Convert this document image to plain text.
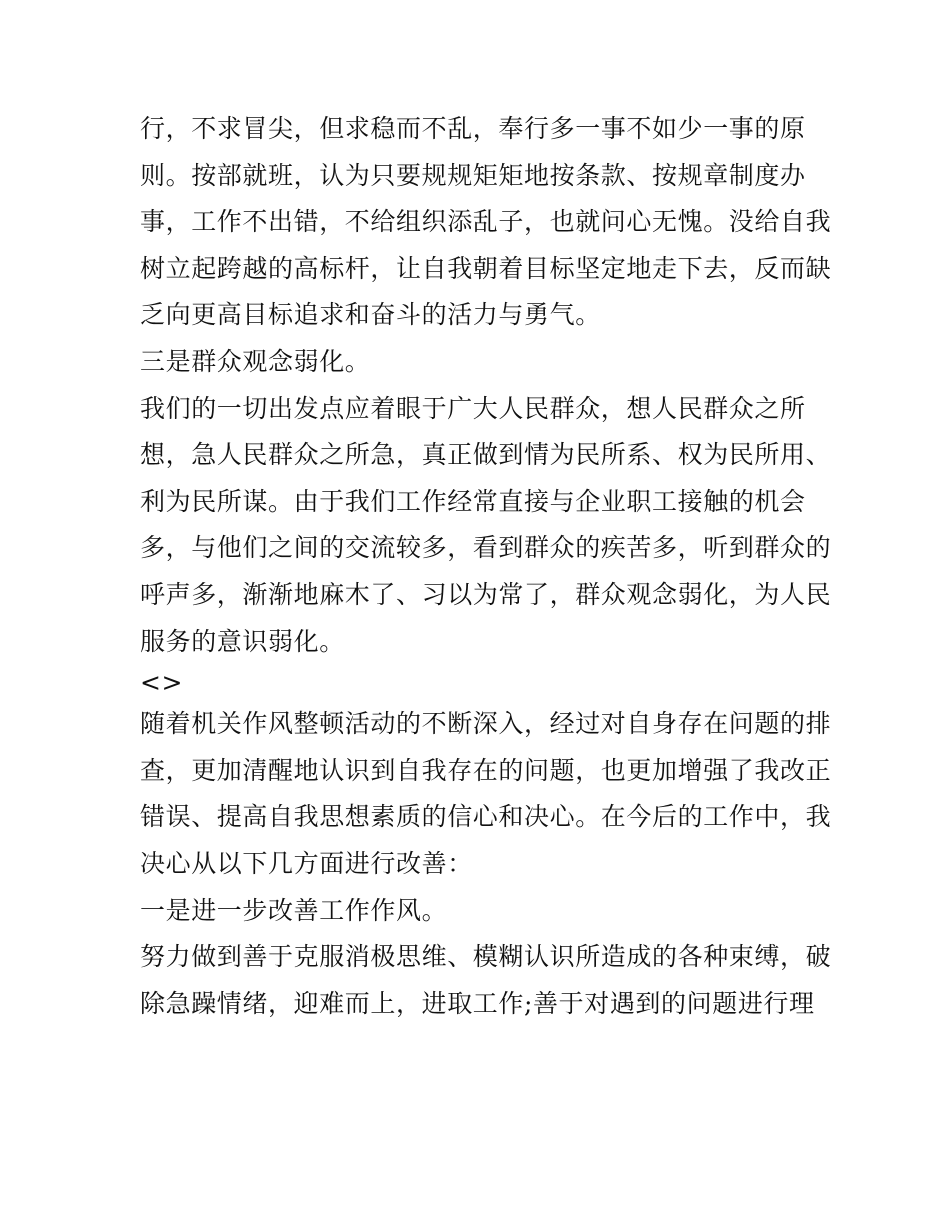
行，不求冒尖，但求稳而不乱，奉行多一事不如少一事的原
则。按部就班，认为只要规规矩矩地按条款、按规章制度办
事，工作不出错，不给组织添乱子，也就问心无愧。没给自我
树立起跨越的高标杆，让自我朝着目标坚定地走下去，反而缺
乏向更高目标追求和奋斗的活力与勇气。
三是群众观念弱化。
我们的一切出发点应着眼于广大人民群众，想人民群众之所
想，急人民群众之所急，真正做到情为民所系、权为民所用、
利为民所谋。由于我们工作经常直接与企业职工接触的机会
多，与他们之间的交流较多，看到群众的疾苦多，听到群众的
呼声多，渐渐地麻木了、习以为常了，群众观念弱化，为人民
服务的意识弱化。
<>
随着机关作风整顿活动的不断深入，经过对自身存在问题的排
查，更加清醒地认识到自我存在的问题，也更加增强了我改正
错误、提高自我思想素质的信心和决心。在今后的工作中，我
决心从以下几方面进行改善：
一是进一步改善工作作风。
努力做到善于克服消极思维、模糊认识所造成的各种束缚，破
除急躁情绪，迎难而上，进取工作;善于对遇到的问题进行理
